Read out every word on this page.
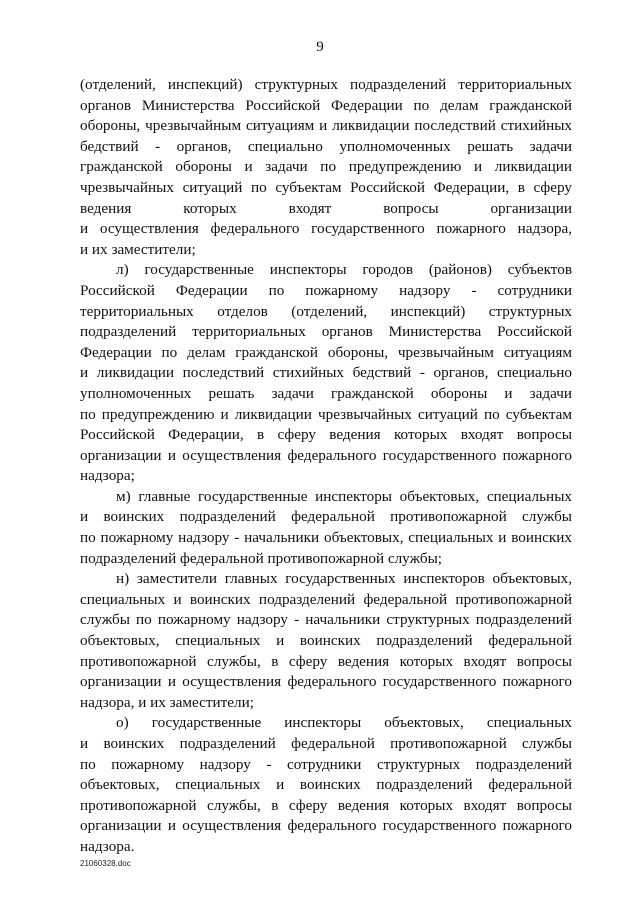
9
(отделений, инспекций) структурных подразделений территориальных
органов Министерства Российской Федерации по делам гражданской
обороны, чрезвычайным ситуациям и ликвидации последствий стихийных
бедствий - органов, специально уполномоченных решать задачи
гражданской обороны и задачи по предупреждению и ликвидации
чрезвычайных ситуаций по субъектам Российской Федерации, в сферу
ведения которых входят вопросы организации
и осуществления федерального государственного пожарного надзора,
и их заместители;
л) государственные инспекторы городов (районов) субъектов
Российской Федерации по пожарному надзору - сотрудники
территориальных отделов (отделений, инспекций) структурных
подразделений территориальных органов Министерства Российской
Федерации по делам гражданской обороны, чрезвычайным ситуациям
и ликвидации последствий стихийных бедствий - органов, специально
уполномоченных решать задачи гражданской обороны и задачи
по предупреждению и ликвидации чрезвычайных ситуаций по субъектам
Российской Федерации, в сферу ведения которых входят вопросы
организации и осуществления федерального государственного пожарного
надзора;
м) главные государственные инспекторы объектовых, специальных
и воинских подразделений федеральной противопожарной службы
по пожарному надзору - начальники объектовых, специальных и воинских
подразделений федеральной противопожарной службы;
н) заместители главных государственных инспекторов объектовых,
специальных и воинских подразделений федеральной противопожарной
службы по пожарному надзору - начальники структурных подразделений
объектовых, специальных и воинских подразделений федеральной
противопожарной службы, в сферу ведения которых входят вопросы
организации и осуществления федерального государственного пожарного
надзора, и их заместители;
о) государственные инспекторы объектовых, специальных
и воинских подразделений федеральной противопожарной службы
по пожарному надзору - сотрудники структурных подразделений
объектовых, специальных и воинских подразделений федеральной
противопожарной службы, в сферу ведения которых входят вопросы
организации и осуществления федерального государственного пожарного
надзора.
21060328.doc
